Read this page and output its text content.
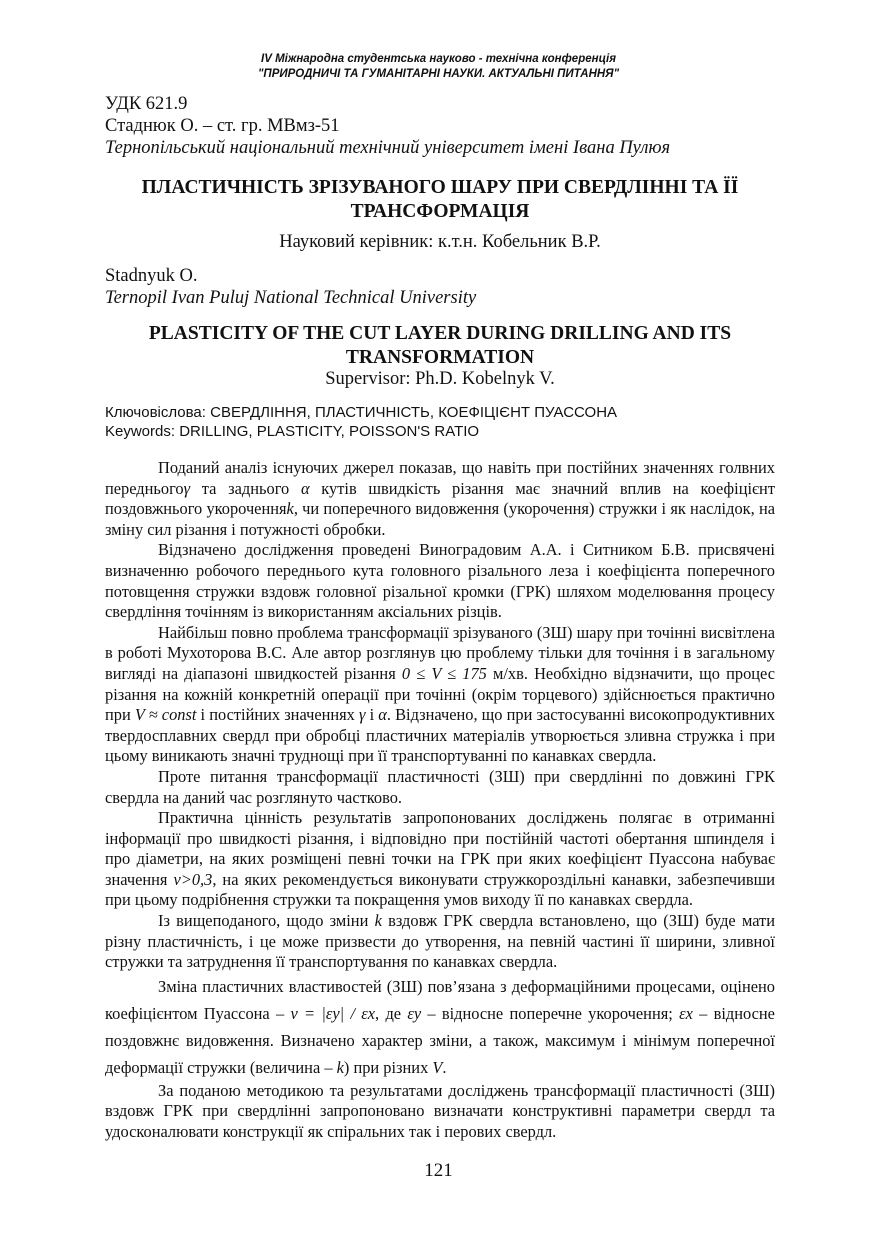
IV Міжнародна студентська науково - технічна конференція
"ПРИРОДНИЧІ ТА ГУМАНІТАРНІ НАУКИ. АКТУАЛЬНІ ПИТАННЯ"
УДК 621.9
Стаднюк О. – ст. гр. МВмз-51
Тернопільський національний технічний університет імені Івана Пулюя
ПЛАСТИЧНІСТЬ ЗРІЗУВАНОГО ШАРУ ПРИ СВЕРДЛІННІ ТА ЇЇ
ТРАНСФОРМАЦІЯ
Науковий керівник: к.т.н. Кобельник В.Р.
Stadnyuk O.
Ternopil Ivan Puluj National Technical University
PLASTICITY OF THE CUT LAYER DURING DRILLING AND ITS
TRANSFORMATION
Supervisor: Ph.D. Kobelnyk V.
Ключовіслова: СВЕРДЛІННЯ, ПЛАСТИЧНІСТЬ, КОЕФІЦІЄНТ ПУАССОНА
Keywords: DRILLING, PLASTICITY, POISSON'S RATIO

Поданий аналіз існуючих джерел показав, що навіть при постійних значеннях голвних передньогоγ та заднього α кутів швидкість різання має значний вплив на коефіцієнт поздовжнього укороченняk, чи поперечного видовження (укорочення) стружки і як наслідок, на зміну сил різання і потужності обробки.

Відзначено дослідження проведені Виноградовим А.А. і Ситником Б.В. присвячені визначенню робочого переднього кута головного різального леза і коефіцієнта поперечного потовщення стружки вздовж головної різальної кромки (ГРК) шляхом моделювання процесу свердління точінням із використанням аксіальних різців.

Найбільш повно проблема трансформації зрізуваного (ЗШ) шару при точінні висвітлена в роботі Мухоторова В.С. Але автор розглянув цю проблему тільки для точіння і в загальному вигляді на діапазоні швидкостей різання 0 ≤ V ≤ 175 м/хв. Необхідно відзначити, що процес різання на кожній конкретній операції при точінні (окрім торцевого) здійснюється практично при V ≈ const і постійних значеннях γ і α. Відзначено, що при застосуванні високопродуктивних твердосплавних свердл при обробці пластичних матеріалів утворюється зливна стружка і при цьому виникають значні труднощі при її транспортуванні по канавках свердла.

Проте питання трансформації пластичності (ЗШ) при свердлінні по довжині ГРК свердла на даний час розглянуто частково.

Практична цінність результатів запропонованих досліджень полягає в отриманні інформації про швидкості різання, і відповідно при постійній частоті обертання шпинделя і про діаметри, на яких розміщені певні точки на ГРК при яких коефіцієнт Пуассона набуває значення ν>0,3, на яких рекомендується виконувати стружкороздільні канавки, забезпечивши при цьому подрібнення стружки та покращення умов виходу її по канавках свердла.

Із вищеподаного, щодо зміни k вздовж ГРК свердла встановлено, що (ЗШ) буде мати різну пластичність, і це може призвести до утворення, на певній частині її ширини, зливної стружки та затруднення її транспортування по канавках свердла.

Зміна пластичних властивостей (ЗШ) пов’язана з деформаційними процесами, оцінено коефіцієнтом Пуассона – ν = |εy| / εx, де εy – відносне поперечне укорочення; εx – відносне поздовжнє видовження. Визначено характер зміни, а також, максимум і мінімум поперечної деформації стружки (величина – k) при різних V.

За поданою методикою та результатами досліджень трансформації пластичності (ЗШ) вздовж ГРК при свердлінні запропоновано визначати конструктивні параметри свердл та удосконалювати конструкції як спіральних так і перових свердл.

121
